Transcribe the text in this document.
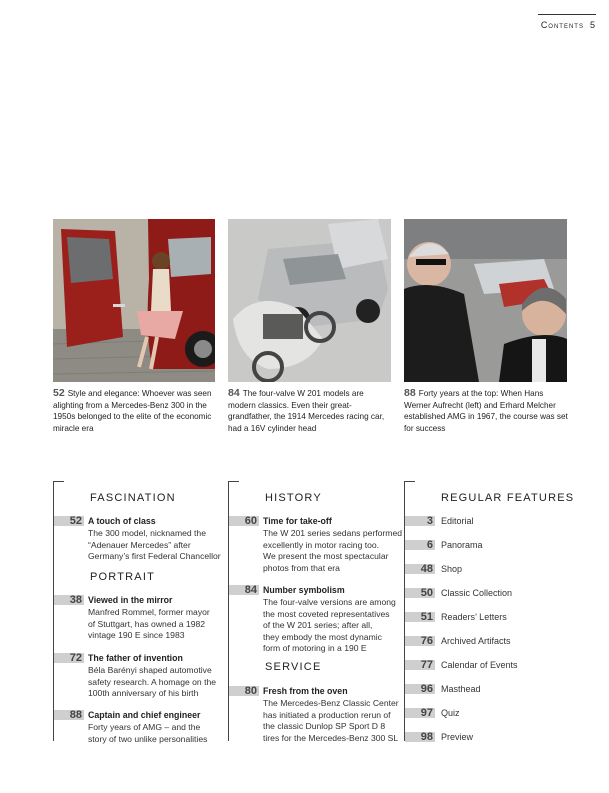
Contents 5
52 Style and elegance: Whoever was seen alighting from a Mercedes-Benz 300 in the 1950s belonged to the elite of the economic miracle era
84 The four-valve W 201 models are modern classics. Even their great-grandfather, the 1914 Mercedes racing car, had a 16V cylinder head
88 Forty years at the top: When Hans Werner Aufrecht (left) and Erhard Melcher established AMG in 1967, the course was set for success
FASCINATION
52 A touch of class
The 300 model, nicknamed the
“Adenauer Mercedes” after
Germany’s first Federal Chancellor
PORTRAIT
38 Viewed in the mirror
Manfred Rommel, former mayor
of Stuttgart, has owned a 1982
vintage 190 E since 1983
72 The father of invention
Béla Barényi shaped automotive
safety research. A homage on the
100th anniversary of his birth
88 Captain and chief engineer
Forty years of AMG – and the
story of two unlike personalities
HISTORY
60 Time for take-off
The W 201 series sedans performed
excellently in motor racing too.
We present the most spectacular
photos from that era
84 Number symbolism
The four-valve versions are among
the most coveted representatives
of the W 201 series; after all,
they embody the most dynamic
form of motoring in a 190 E
SERVICE
80 Fresh from the oven
The Mercedes-Benz Classic Center
has initiated a production rerun of
the classic Dunlop SP Sport D 8
tires for the Mercedes-Benz 300 SL
REGULAR FEATURES
3 Editorial
6 Panorama
48 Shop
50 Classic Collection
51 Readers’ Letters
76 Archived Artifacts
77 Calendar of Events
96 Masthead
97 Quiz
98 Preview
